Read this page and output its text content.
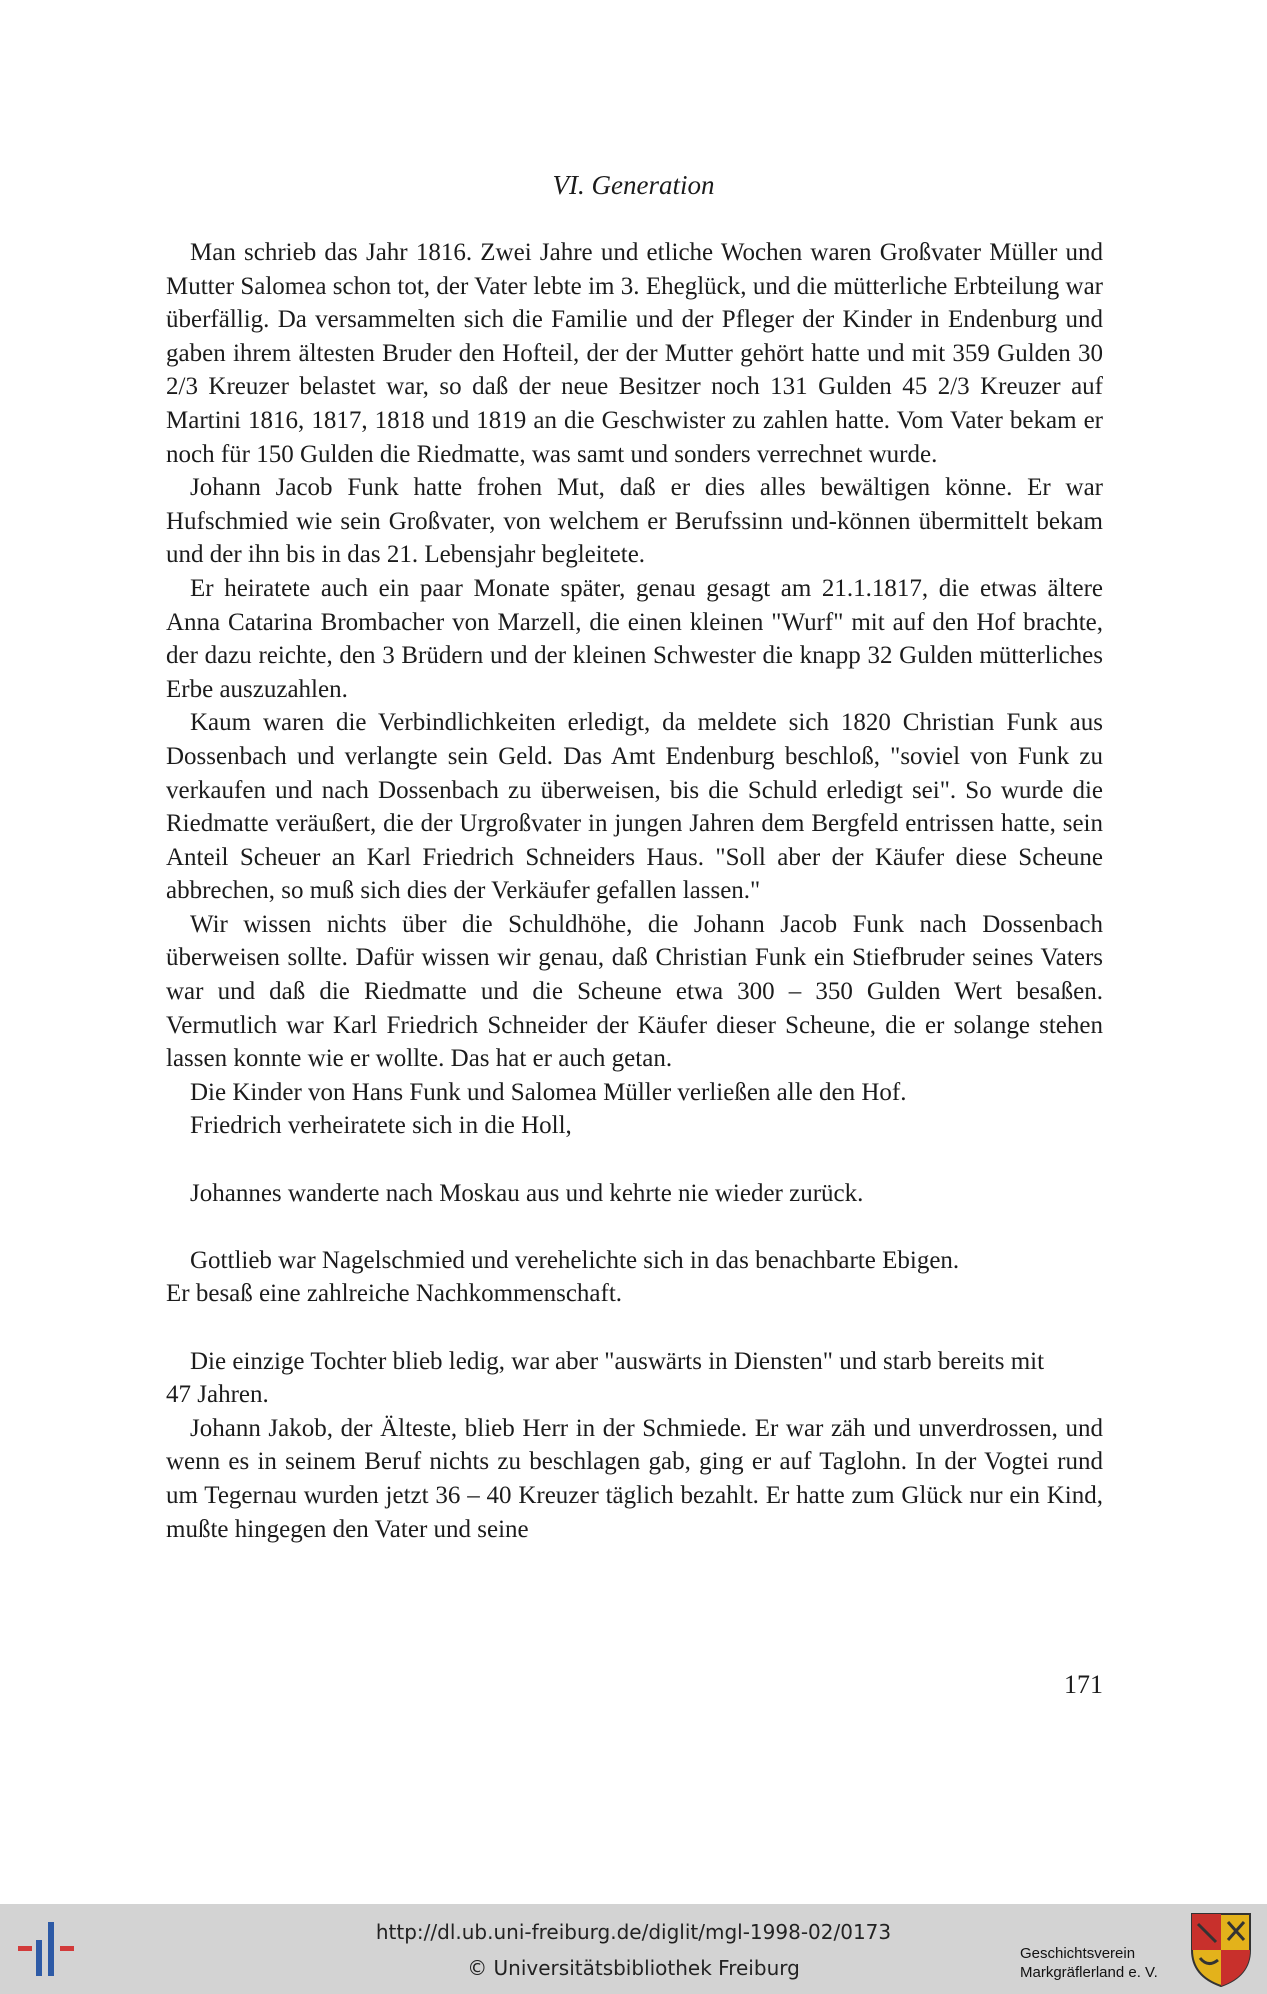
VI. Generation

Man schrieb das Jahr 1816. Zwei Jahre und etliche Wochen waren Großvater Müller und Mutter Salomea schon tot, der Vater lebte im 3. Eheglück, und die mütterliche Erbteilung war überfällig. Da versammelten sich die Familie und der Pfleger der Kinder in Endenburg und gaben ihrem ältesten Bruder den Hofteil, der der Mutter gehört hatte und mit 359 Gulden 30 2/3 Kreuzer belastet war, so daß der neue Besitzer noch 131 Gulden 45 2/3 Kreuzer auf Martini 1816, 1817, 1818 und 1819 an die Geschwister zu zahlen hatte. Vom Vater bekam er noch für 150 Gulden die Riedmatte, was samt und sonders verrechnet wurde.

Johann Jacob Funk hatte frohen Mut, daß er dies alles bewältigen könne. Er war Hufschmied wie sein Großvater, von welchem er Berufssinn und-können übermittelt bekam und der ihn bis in das 21. Lebensjahr begleitete.

Er heiratete auch ein paar Monate später, genau gesagt am 21.1.1817, die etwas ältere Anna Catarina Brombacher von Marzell, die einen kleinen "Wurf" mit auf den Hof brachte, der dazu reichte, den 3 Brüdern und der kleinen Schwester die knapp 32 Gulden mütterliches Erbe auszuzahlen.

Kaum waren die Verbindlichkeiten erledigt, da meldete sich 1820 Christian Funk aus Dossenbach und verlangte sein Geld. Das Amt Endenburg beschloß, "soviel von Funk zu verkaufen und nach Dossenbach zu überweisen, bis die Schuld erledigt sei". So wurde die Riedmatte veräußert, die der Urgroßvater in jungen Jahren dem Bergfeld entrissen hatte, sein Anteil Scheuer an Karl Friedrich Schneiders Haus. "Soll aber der Käufer diese Scheune abbrechen, so muß sich dies der Verkäufer gefallen lassen."

Wir wissen nichts über die Schuldhöhe, die Johann Jacob Funk nach Dossenbach überweisen sollte. Dafür wissen wir genau, daß Christian Funk ein Stiefbruder seines Vaters war und daß die Riedmatte und die Scheune etwa 300 – 350 Gulden Wert besaßen. Vermutlich war Karl Friedrich Schneider der Käufer dieser Scheune, die er solange stehen lassen konnte wie er wollte. Das hat er auch getan.

Die Kinder von Hans Funk und Salomea Müller verließen alle den Hof.

Friedrich verheiratete sich in die Holl,

Johannes wanderte nach Moskau aus und kehrte nie wieder zurück.

Gottlieb war Nagelschmied und verehelichte sich in das benachbarte Ebigen. Er besaß eine zahlreiche Nachkommenschaft.

Die einzige Tochter blieb ledig, war aber "auswärts in Diensten" und starb bereits mit 47 Jahren.

Johann Jakob, der Älteste, blieb Herr in der Schmiede. Er war zäh und unverdrossen, und wenn es in seinem Beruf nichts zu beschlagen gab, ging er auf Taglohn. In der Vogtei rund um Tegernau wurden jetzt 36 – 40 Kreuzer täglich bezahlt. Er hatte zum Glück nur ein Kind, mußte hingegen den Vater und seine

171
http://dl.ub.uni-freiburg.de/diglit/mgl-1998-02/0173
© Universitätsbibliothek Freiburg
Geschichtsverein
Markgräflerland e. V.
